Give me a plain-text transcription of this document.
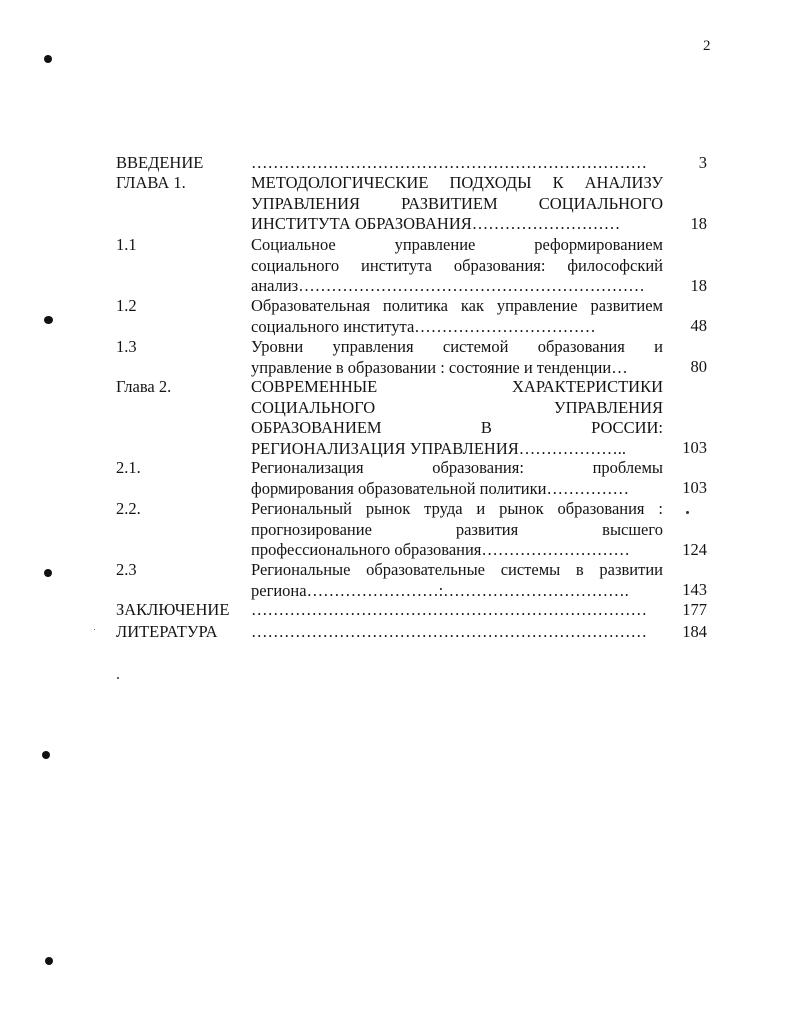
2
ВВЕДЕНИЕ	………………………………………………………………	3
ГЛАВА 1.	МЕТОДОЛОГИЧЕСКИЕ ПОДХОДЫ К АНАЛИЗУ
УПРАВЛЕНИЯ РАЗВИТИЕМ СОЦИАЛЬНОГО
ИНСТИТУТА ОБРАЗОВАНИЯ………………………	18
1.1	Социальное управление реформированием
социального института образования: философский
анализ………………………………………………………	18
1.2	Образовательная политика как управление развитием
социального института……………………………	48
1.3	Уровни управления системой образования и
управление в образовании : состояние и тенденции…	80
Глава 2.	СОВРЕМЕННЫЕ ХАРАКТЕРИСТИКИ
СОЦИАЛЬНОГО УПРАВЛЕНИЯ
ОБРАЗОВАНИЕМ В РОССИИ:
РЕГИОНАЛИЗАЦИЯ УПРАВЛЕНИЯ………………..	103
2.1.	Регионализация образования: проблемы
формирования образовательной политики……………	103
2.2.	Региональный рынок труда и рынок образования :
прогнозирование развития высшего
профессионального образования………………………	124
2.3	Региональные образовательные системы в развитии
региона……………………:…………………………….	143
ЗАКЛЮЧЕНИЕ ………………………………………………………………	177
ЛИТЕРАТУРА ………………………………………………………………	184
